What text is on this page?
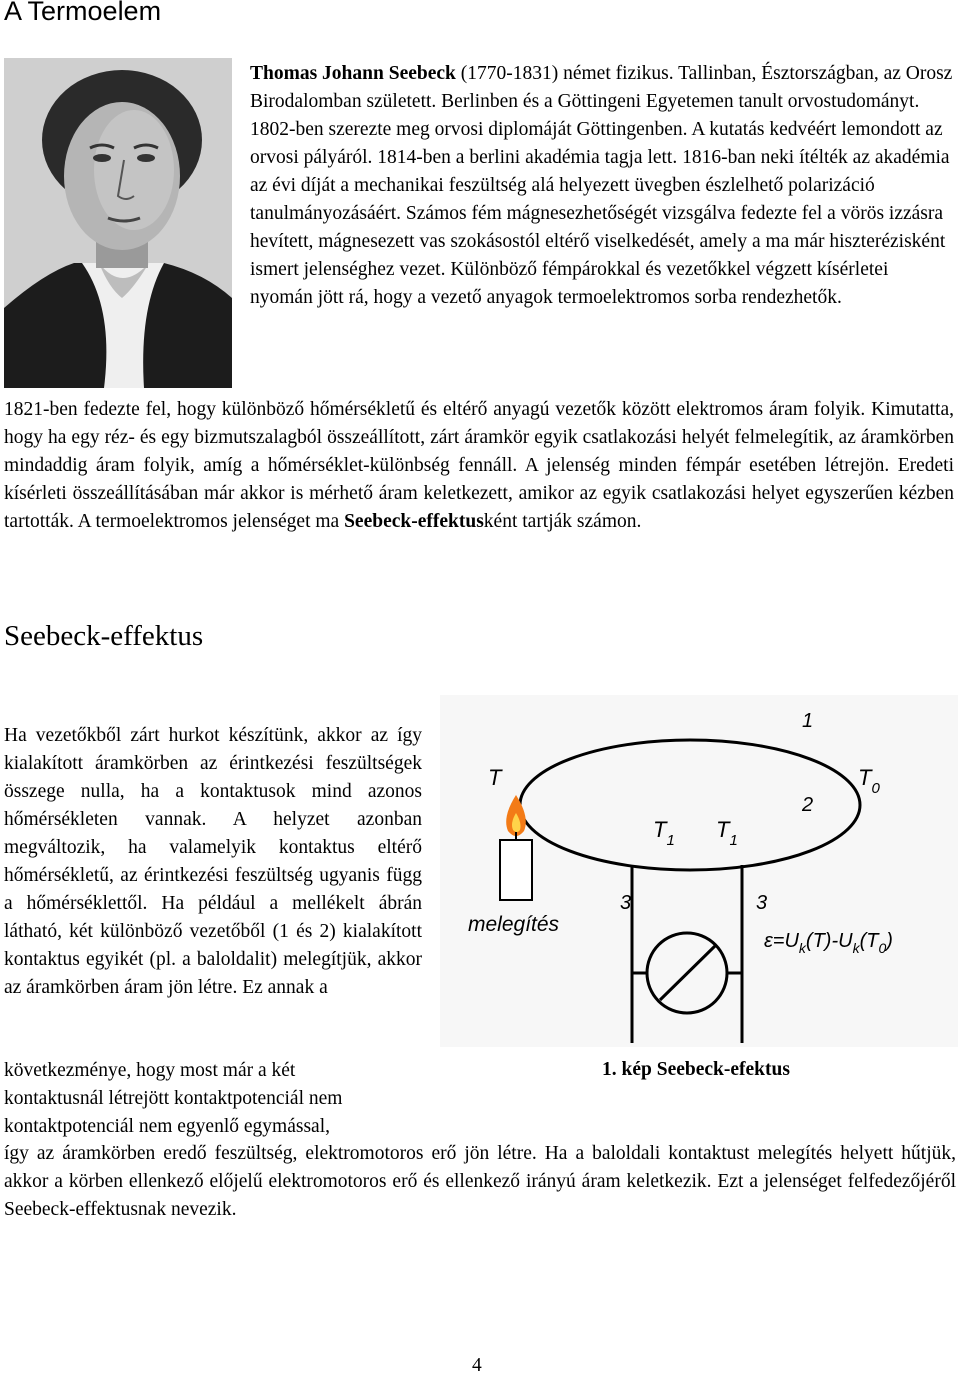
A Termoelem
Thomas Johann Seebeck (1770-1831) német fizikus. Tallinban, Észtországban, az Orosz Birodalomban született. Berlinben és a Göttingeni Egyetemen tanult orvostudományt. 1802-ben szerezte meg orvosi diplomáját Göttingenben. A kutatás kedvéért lemondott az orvosi pályáról. 1814-ben a berlini akadémia tagja lett. 1816-ban neki ítélték az akadémia az évi díját a mechanikai feszültség alá helyezett üvegben észlelhető polarizáció tanulmányozásáért. Számos fém mágnesezhetőségét vizsgálva fedezte fel a vörös izzásra hevített, mágnesezett vas szokásostól eltérő viselkedését, amely a ma már hiszterézisként ismert jelenséghez vezet. Különböző fémpárokkal és vezetőkkel végzett kísérletei nyomán jött rá, hogy a vezető anyagok termoelektromos sorba rendezhetők.
1821-ben fedezte fel, hogy különböző hőmérsékletű és eltérő anyagú vezetők között elektromos áram folyik. Kimutatta, hogy ha egy réz- és egy bizmutszalagból összeállított, zárt áramkör egyik csatlakozási helyét felmelegítik, az áramkörben mindaddig áram folyik, amíg a hőmérséklet-különbség fennáll. A jelenség minden fémpár esetében létrejön. Eredeti kísérleti összeállításában már akkor is mérhető áram keletkezett, amikor az egyik csatlakozási helyet egyszerűen kézben tartották. A termoelektromos jelenséget ma Seebeck-effektusként tartják számon.
Seebeck-effektus
Ha vezetőkből zárt hurkot készítünk, akkor az így kialakított áramkörben az érintkezési feszültségek összege nulla, ha a kontaktusok mind azonos hőmérsékleten vannak. A helyzet azonban megváltozik, ha valamelyik kontaktus eltérő hőmérsékletű, az érintkezési feszültség ugyanis függ a hőmérséklettől. Ha például a mellékelt ábrán látható, két különböző vezetőből (1 és 2) kialakított kontaktus egyikét (pl. a baloldalit) melegítjük, akkor az áramkörben áram jön létre. Ez annak a
következménye, hogy most már a két
kontaktusnál létrejött kontaktpotenciál nem
kontaktpotenciál nem egyenlő egymással,
T	$T_0$
1
2
$T_1$ $T_1$
3	3
melegítés
$\varepsilon=U_k(T)-U_k(T_0)$
1. kép Seebeck-efektus
így az áramkörben eredő feszültség, elektromotoros erő jön létre. Ha a baloldali kontaktust melegítés helyett hűtjük, akkor a körben ellenkező előjelű elektromotoros erő és ellenkező irányú áram keletkezik. Ezt a jelenséget felfedezőjéről Seebeck-effektusnak nevezik.
4
